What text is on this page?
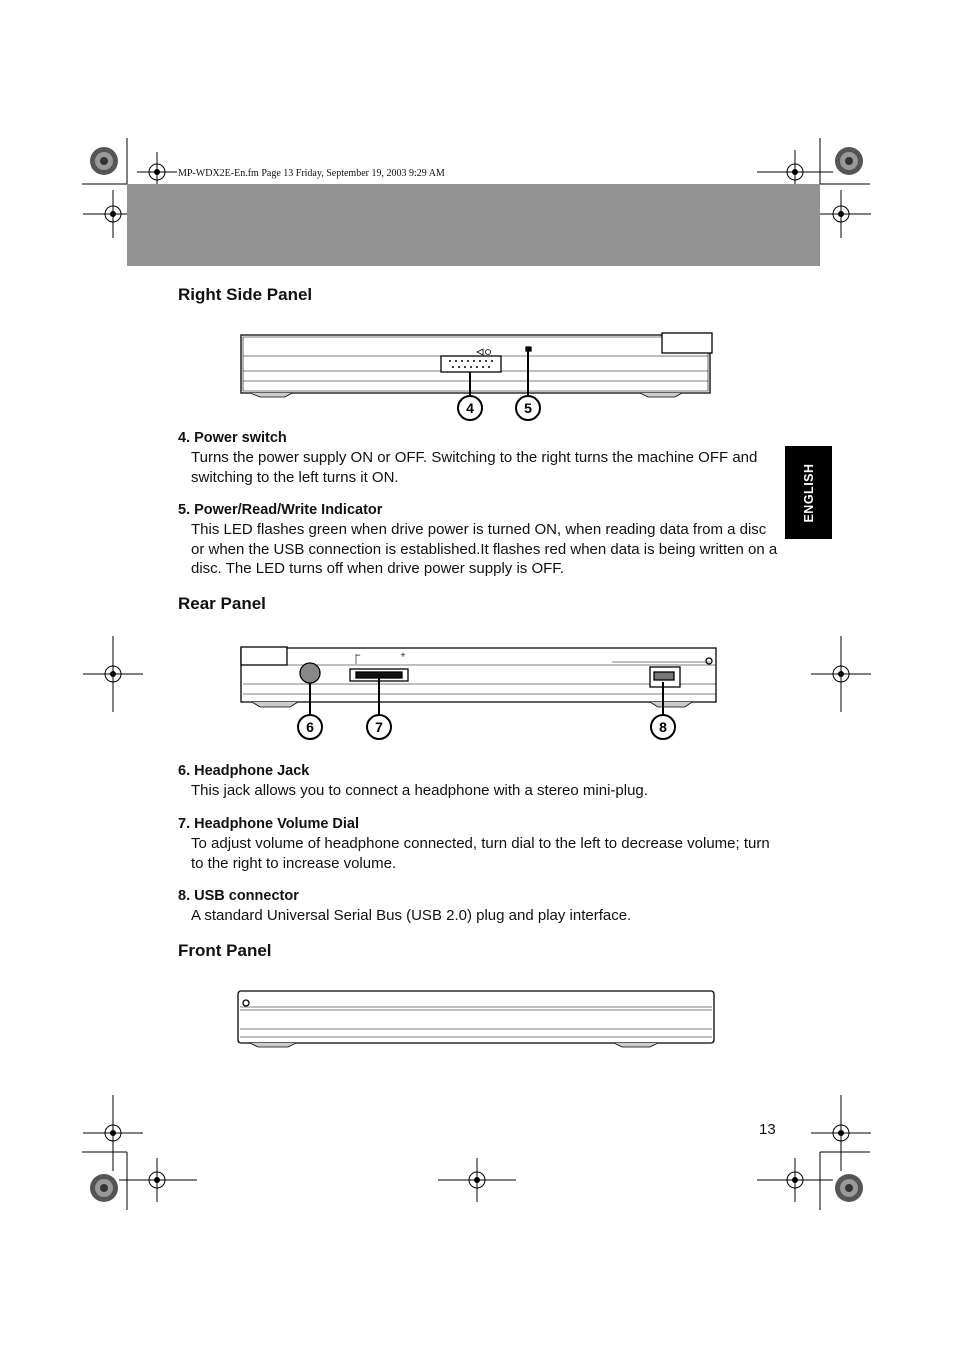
MP-WDX2E-En.fm Page 13 Friday, September 19, 2003 9:29 AM
Right Side Panel
4	5
4. Power switch
Turns the power supply ON or OFF. Switching to the right turns the machine OFF and switching to the left turns it ON.
5. Power/Read/Write Indicator
This LED flashes green when drive power is turned ON, when reading data from a disc or when the USB connection is established.It flashes red when data is being written on a disc. The LED turns off when drive power supply is OFF.
ENGLISH
Rear Panel
−	+
6	7	8
6. Headphone Jack
This jack allows you to connect a headphone with a stereo mini-plug.
7. Headphone Volume Dial
To adjust volume of headphone connected, turn dial to the left to decrease volume; turn to the right to increase volume.
8. USB connector
A standard Universal Serial Bus (USB 2.0) plug and play interface.
Front Panel
13
